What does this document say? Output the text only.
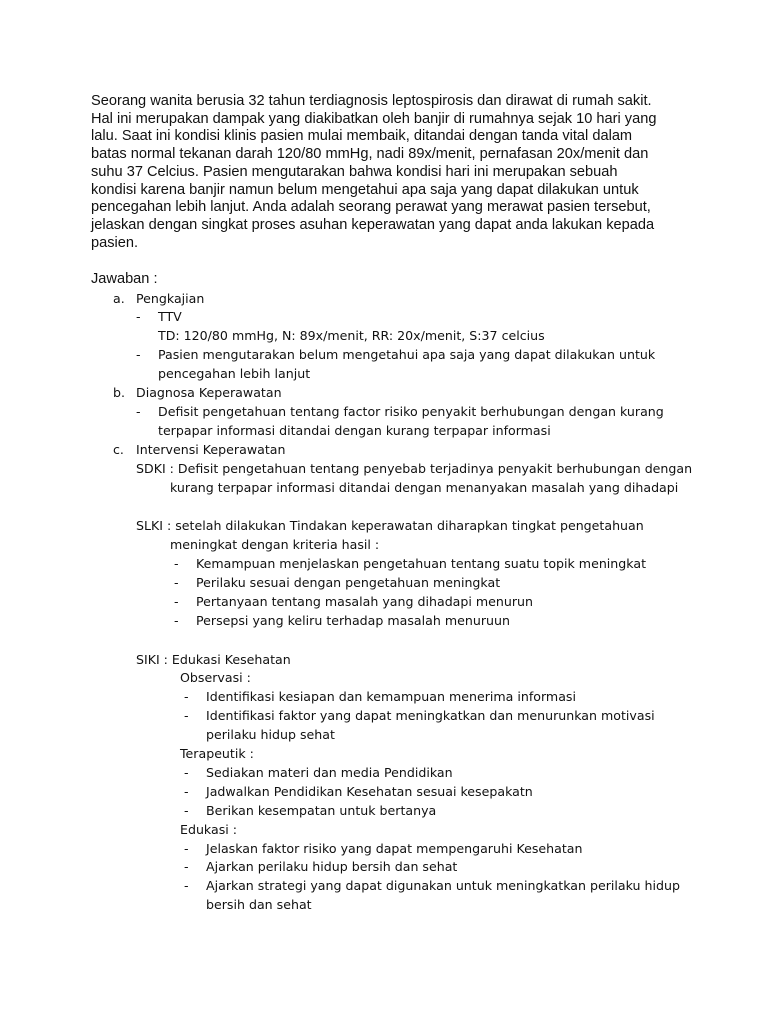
Seorang wanita berusia 32 tahun terdiagnosis leptospirosis dan dirawat di rumah sakit.
Hal ini merupakan dampak yang diakibatkan oleh banjir di rumahnya sejak 10 hari yang
lalu. Saat ini kondisi klinis pasien mulai membaik, ditandai dengan tanda vital dalam
batas normal tekanan darah 120/80 mmHg, nadi 89x/menit, pernafasan 20x/menit dan
suhu 37 Celcius. Pasien mengutarakan bahwa kondisi hari ini merupakan sebuah
kondisi karena banjir namun belum mengetahui apa saja yang dapat dilakukan untuk
pencegahan lebih lanjut. Anda adalah seorang perawat yang merawat pasien tersebut,
jelaskan dengan singkat proses asuhan keperawatan yang dapat anda lakukan kepada
pasien.
Jawaban :
a. Pengkajian
- TTV
TD: 120/80 mmHg, N: 89x/menit, RR: 20x/menit, S:37 celcius
- Pasien mengutarakan belum mengetahui apa saja yang dapat dilakukan untuk
pencegahan lebih lanjut
b. Diagnosa Keperawatan
- Defisit pengetahuan tentang factor risiko penyakit berhubungan dengan kurang
terpapar informasi ditandai dengan kurang terpapar informasi
c. Intervensi Keperawatan
SDKI : Defisit pengetahuan tentang penyebab terjadinya penyakit berhubungan dengan
kurang terpapar informasi ditandai dengan menanyakan masalah yang dihadapi
SLKI : setelah dilakukan Tindakan keperawatan diharapkan tingkat pengetahuan
meningkat dengan kriteria hasil :
- Kemampuan menjelaskan pengetahuan tentang suatu topik meningkat
- Perilaku sesuai dengan pengetahuan meningkat
- Pertanyaan tentang masalah yang dihadapi menurun
- Persepsi yang keliru terhadap masalah menuruun
SIKI : Edukasi Kesehatan
Observasi :
- Identifikasi kesiapan dan kemampuan menerima informasi
- Identifikasi faktor yang dapat meningkatkan dan menurunkan motivasi
perilaku hidup sehat
Terapeutik :
- Sediakan materi dan media Pendidikan
- Jadwalkan Pendidikan Kesehatan sesuai kesepakatn
- Berikan kesempatan untuk bertanya
Edukasi :
- Jelaskan faktor risiko yang dapat mempengaruhi Kesehatan
- Ajarkan perilaku hidup bersih dan sehat
- Ajarkan strategi yang dapat digunakan untuk meningkatkan perilaku hidup
bersih dan sehat
